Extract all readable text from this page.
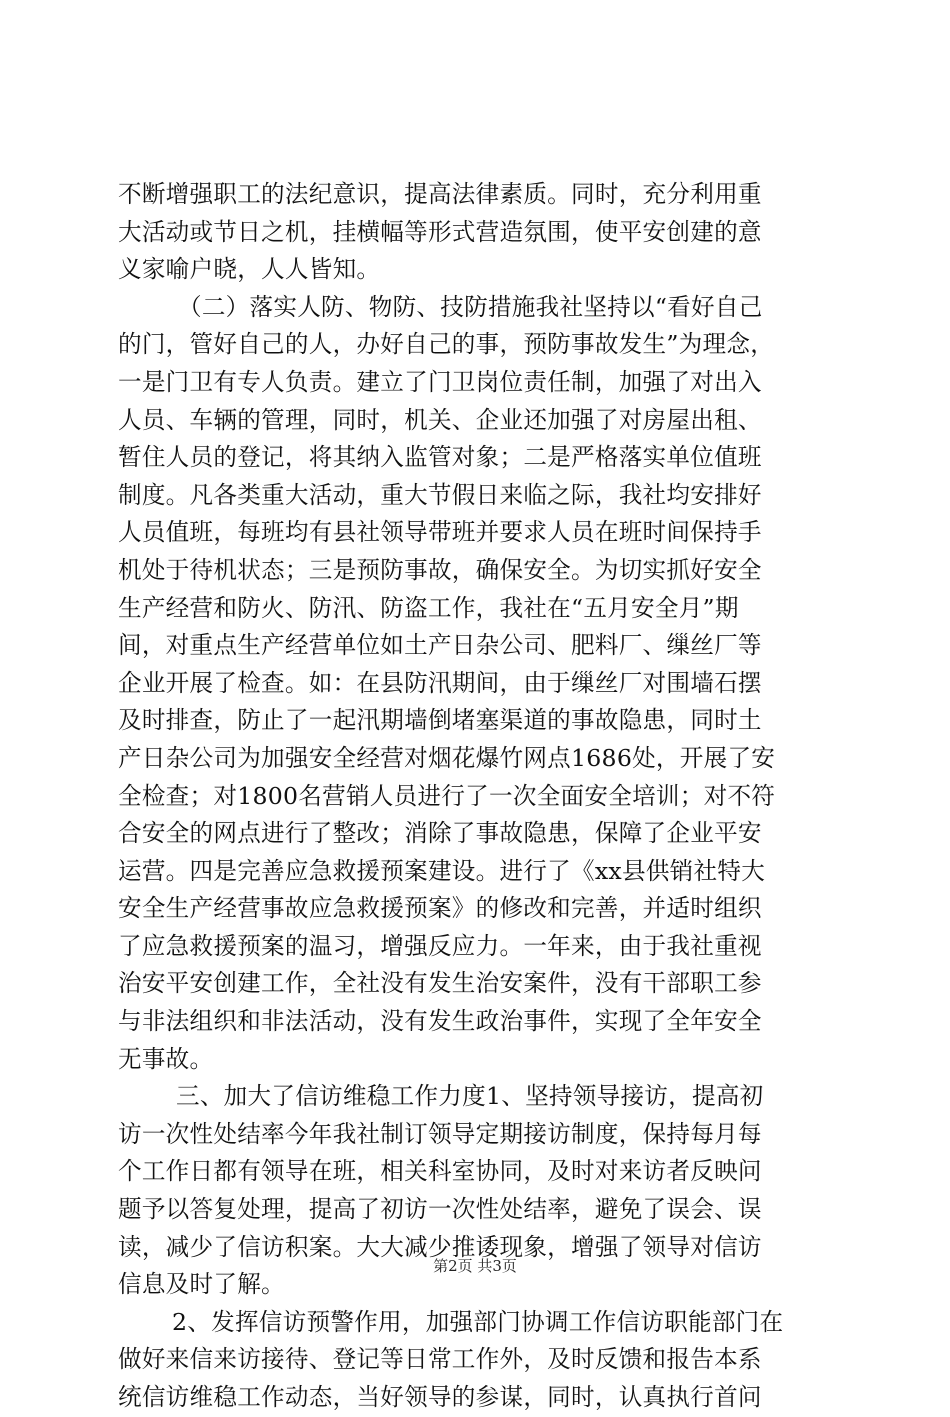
不断增强职工的法纪意识，提高法律素质。同时，充分利用重
大活动或节日之机，挂横幅等形式营造氛围，使平安创建的意
义家喻户晓，人人皆知。
（二）落实人防、物防、技防措施我社坚持以“看好自己
的门，管好自己的人，办好自己的事，预防事故发生”为理念，
一是门卫有专人负责。建立了门卫岗位责任制，加强了对出入
人员、车辆的管理，同时，机关、企业还加强了对房屋出租、
暂住人员的登记，将其纳入监管对象；二是严格落实单位值班
制度。凡各类重大活动，重大节假日来临之际，我社均安排好
人员值班，每班均有县社领导带班并要求人员在班时间保持手
机处于待机状态；三是预防事故，确保安全。为切实抓好安全
生产经营和防火、防汛、防盗工作，我社在“五月安全月”期
间，对重点生产经营单位如土产日杂公司、肥料厂、缫丝厂等
企业开展了检查。如：在县防汛期间，由于缫丝厂对围墙石摆
及时排查，防止了一起汛期墙倒堵塞渠道的事故隐患，同时土
产日杂公司为加强安全经营对烟花爆竹网点1686处，开展了安
全检查；对1800名营销人员进行了一次全面安全培训；对不符
合安全的网点进行了整改；消除了事故隐患，保障了企业平安
运营。四是完善应急救援预案建设。进行了《xx县供销社特大
安全生产经营事故应急救援预案》的修改和完善，并适时组织
了应急救援预案的温习，增强反应力。一年来，由于我社重视
治安平安创建工作，全社没有发生治安案件，没有干部职工参
与非法组织和非法活动，没有发生政治事件，实现了全年安全
无事故。
三、加大了信访维稳工作力度1、坚持领导接访，提高初
访一次性处结率今年我社制订领导定期接访制度，保持每月每
个工作日都有领导在班，相关科室协同，及时对来访者反映问
题予以答复处理，提高了初访一次性处结率，避免了误会、误
读，减少了信访积案。大大减少推诿现象，增强了领导对信访
信息及时了解。
2、发挥信访预警作用，加强部门协调工作信访职能部门在
做好来信来访接待、登记等日常工作外，及时反馈和报告本系
统信访维稳工作动态，当好领导的参谋，同时，认真执行首问
第2页 共3页
